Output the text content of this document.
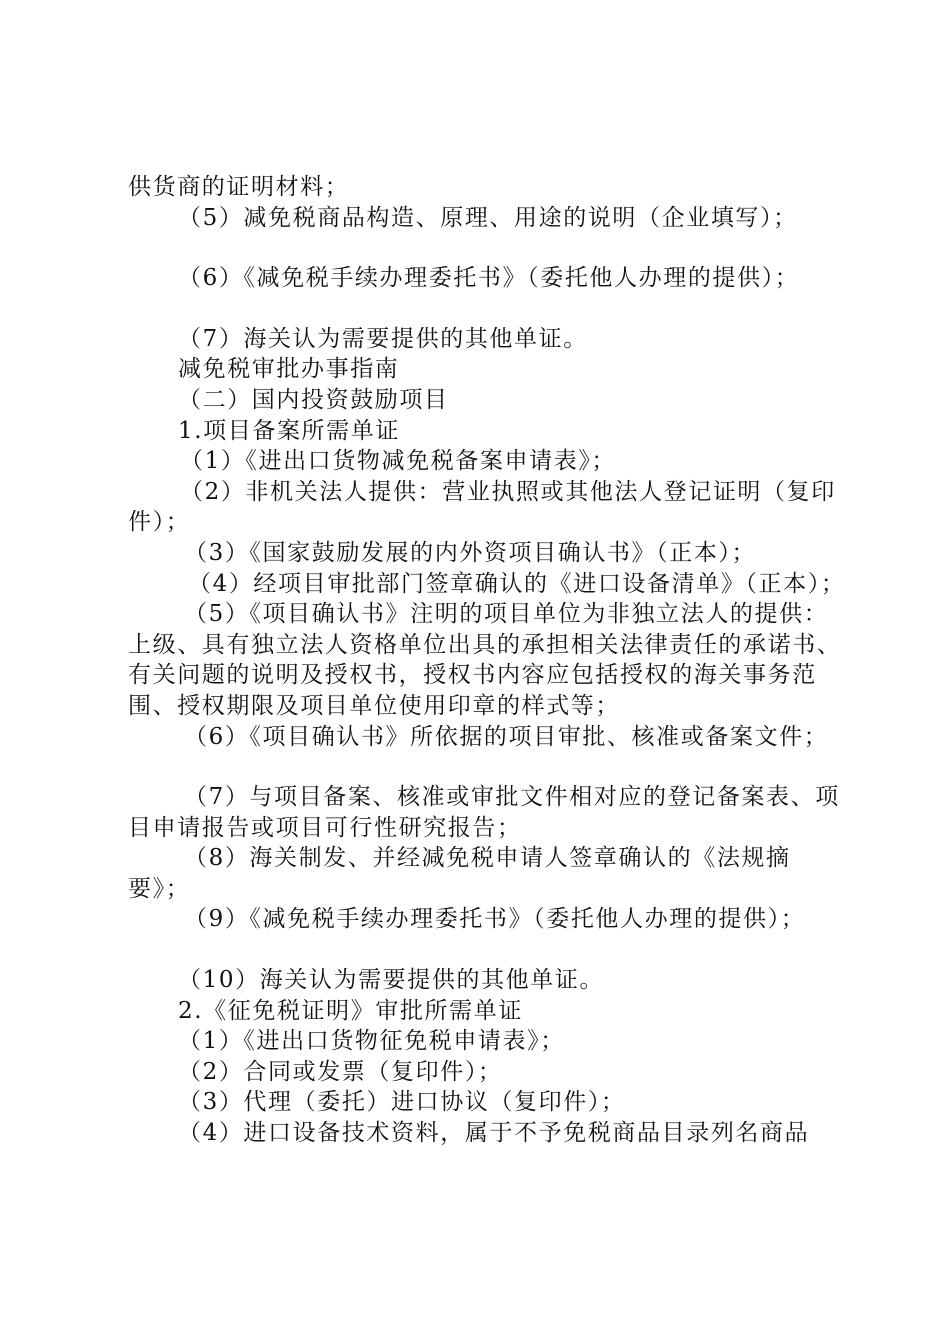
供货商的证明材料；

（5）减免税商品构造、原理、用途的说明（企业填写）；

（6）《减免税手续办理委托书》（委托他人办理的提供）；

（7）海关认为需要提供的其他单证。

减免税审批办事指南

（二）国内投资鼓励项目

1.项目备案所需单证

（1）《进出口货物减免税备案申请表》；

（2）非机关法人提供：营业执照或其他法人登记证明（复印件）；

（3）《国家鼓励发展的内外资项目确认书》（正本）；

（4）经项目审批部门签章确认的《进口设备清单》（正本）；

（5）《项目确认书》注明的项目单位为非独立法人的提供：上级、具有独立法人资格单位出具的承担相关法律责任的承诺书、有关问题的说明及授权书，授权书内容应包括授权的海关事务范围、授权期限及项目单位使用印章的样式等；

（6）《项目确认书》所依据的项目审批、核准或备案文件；

（7）与项目备案、核准或审批文件相对应的登记备案表、项目申请报告或项目可行性研究报告；

（8）海关制发、并经减免税申请人签章确认的《法规摘要》；

（9）《减免税手续办理委托书》（委托他人办理的提供）；

（10）海关认为需要提供的其他单证。

2.《征免税证明》审批所需单证

（1）《进出口货物征免税申请表》；

（2）合同或发票（复印件）；

（3）代理（委托）进口协议（复印件）；

（4）进口设备技术资料，属于不予免税商品目录列名商品
